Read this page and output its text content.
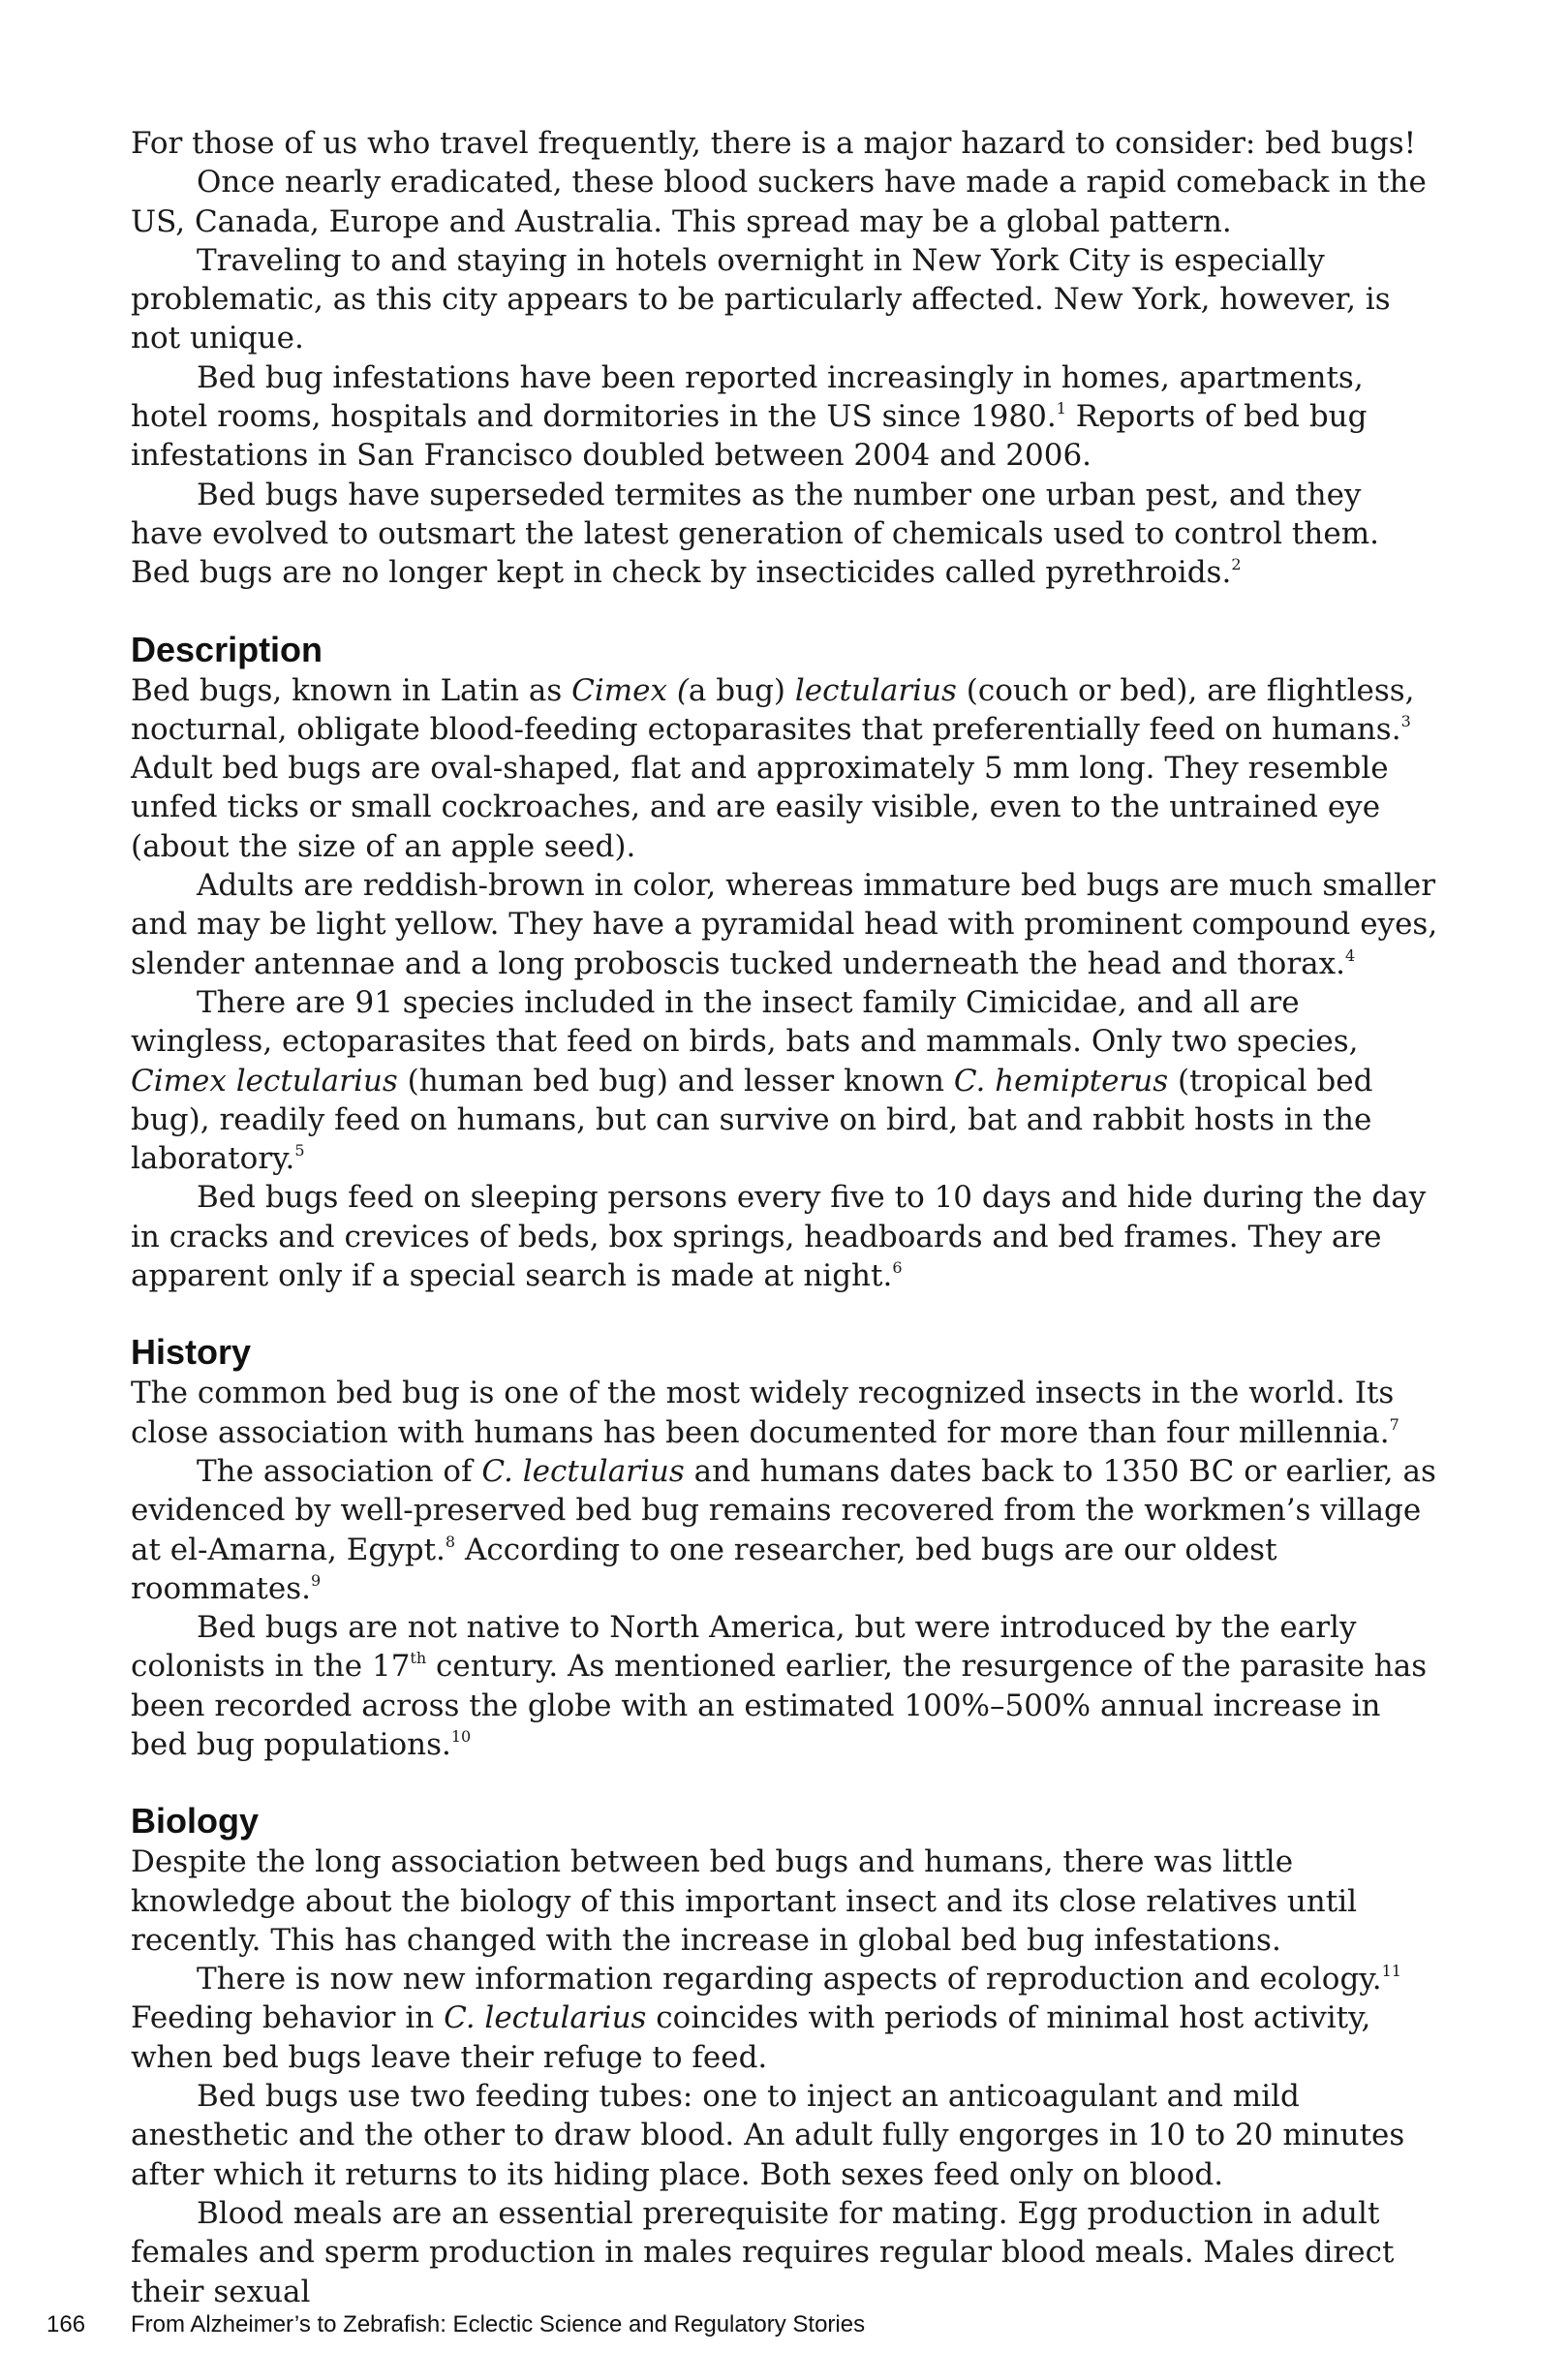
For those of us who travel frequently, there is a major hazard to consider: bed bugs!

Once nearly eradicated, these blood suckers have made a rapid comeback in the US, Canada, Europe and Australia. This spread may be a global pattern.

Traveling to and staying in hotels overnight in New York City is especially problematic, as this city appears to be particularly affected. New York, however, is not unique.

Bed bug infestations have been reported increasingly in homes, apartments, hotel rooms, hospitals and dormitories in the US since 1980.$^1$ Reports of bed bug infestations in San Francisco doubled between 2004 and 2006.

Bed bugs have superseded termites as the number one urban pest, and they have evolved to outsmart the latest generation of chemicals used to control them. Bed bugs are no longer kept in check by insecticides called pyrethroids.$^2$

Description

Bed bugs, known in Latin as Cimex (a bug) lectularius (couch or bed), are flightless, nocturnal, obligate blood-feeding ectoparasites that preferentially feed on humans.$^3$ Adult bed bugs are oval-shaped, flat and approximately 5 mm long. They resemble unfed ticks or small cockroaches, and are easily visible, even to the untrained eye (about the size of an apple seed).

Adults are reddish-brown in color, whereas immature bed bugs are much smaller and may be light yellow. They have a pyramidal head with prominent compound eyes, slender antennae and a long proboscis tucked underneath the head and thorax.$^4$

There are 91 species included in the insect family Cimicidae, and all are wingless, ectoparasites that feed on birds, bats and mammals. Only two species, Cimex lectularius (human bed bug) and lesser known C. hemipterus (tropical bed bug), readily feed on humans, but can survive on bird, bat and rabbit hosts in the laboratory.$^5$

Bed bugs feed on sleeping persons every five to 10 days and hide during the day in cracks and crevices of beds, box springs, headboards and bed frames. They are apparent only if a special search is made at night.$^6$

History

The common bed bug is one of the most widely recognized insects in the world. Its close association with humans has been documented for more than four millennia.$^7$

The association of C. lectularius and humans dates back to 1350 BC or earlier, as evidenced by well-preserved bed bug remains recovered from the workmen’s village at el-Amarna, Egypt.$^8$ According to one researcher, bed bugs are our oldest roommates.$^9$

Bed bugs are not native to North America, but were introduced by the early colonists in the 17th century. As mentioned earlier, the resurgence of the parasite has been recorded across the globe with an estimated 100%–500% annual increase in bed bug populations.$^{10}$

Biology

Despite the long association between bed bugs and humans, there was little knowledge about the biology of this important insect and its close relatives until recently. This has changed with the increase in global bed bug infestations.

There is now new information regarding aspects of reproduction and ecology.$^{11}$ Feeding behavior in C. lectularius coincides with periods of minimal host activity, when bed bugs leave their refuge to feed.

Bed bugs use two feeding tubes: one to inject an anticoagulant and mild anesthetic and the other to draw blood. An adult fully engorges in 10 to 20 minutes after which it returns to its hiding place. Both sexes feed only on blood.

Blood meals are an essential prerequisite for mating. Egg production in adult females and sperm production in males requires regular blood meals. Males direct their sexual

166 From Alzheimer’s to Zebrafish: Eclectic Science and Regulatory Stories
